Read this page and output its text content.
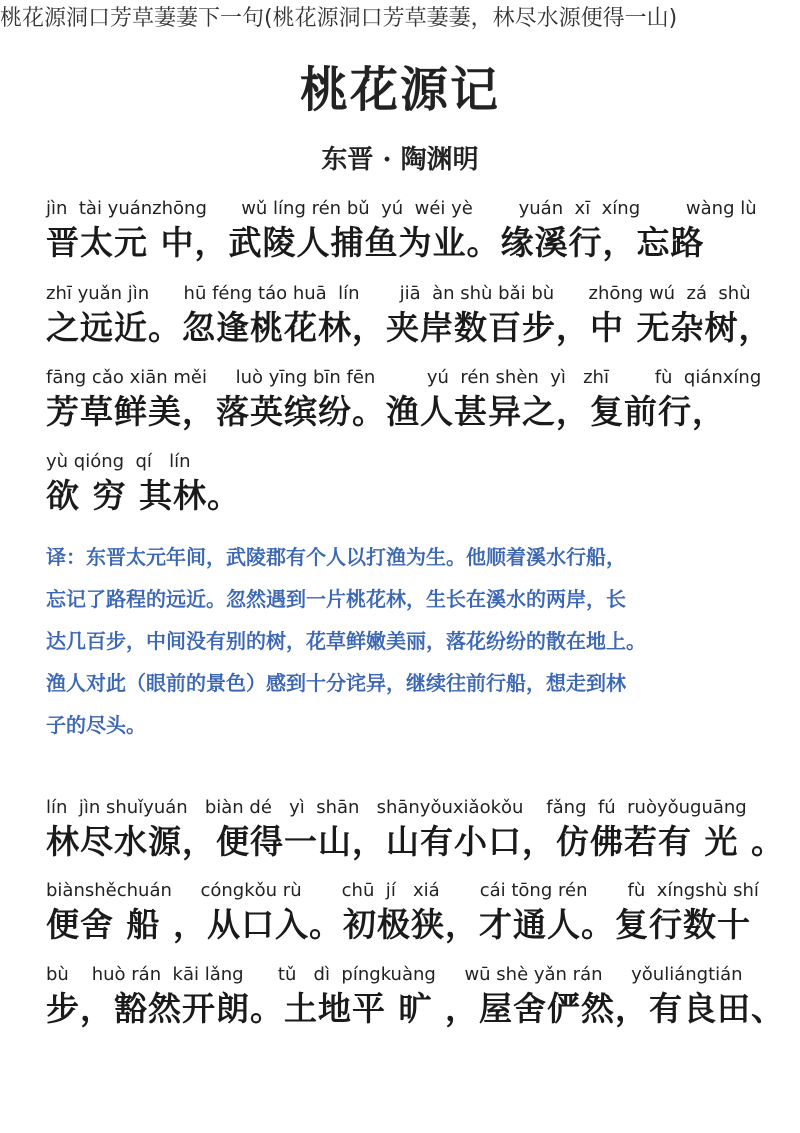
桃花源洞口芳草萋萋下一句(桃花源洞口芳草萋萋，林尽水源便得一山)
桃花源记
东晋 · 陶渊明
jìn  tài yuánzhōng      wǔ líng rén bǔ  yú  wéi yè        yuán  xī  xíng        wàng lù
晋太元 中，武陵人捕鱼为业。缘溪行，忘路
zhī yuǎn jìn      hū féng táo huā  lín       jiā  àn shù bǎi bù      zhōng wú  zá  shù
之远近。忽逢桃花林，夹岸数百步，中 无杂树，
fāng cǎo xiān měi     luò yīng bīn fēn         yú  rén shèn  yì   zhī        fù  qiánxíng
芳草鲜美，落英缤纷。渔人甚异之，复前行，
yù qióng  qí   lín
欲 穷 其林。
译：东晋太元年间，武陵郡有个人以打渔为生。他顺着溪水行船，
忘记了路程的远近。忽然遇到一片桃花林，生长在溪水的两岸，长
达几百步，中间没有别的树，花草鲜嫩美丽，落花纷纷的散在地上。
渔人对此（眼前的景色）感到十分诧异，继续往前行船，想走到林
子的尽头。
lín  jìn shuǐyuán   biàn dé   yì  shān   shānyǒuxiǎokǒu    fǎng  fú  ruòyǒuguāng
林尽水源，便得一山，山有小口，仿佛若有 光 。
biànshěchuán     cóngkǒu rù       chū  jí   xiá       cái tōng rén       fù  xíngshù shí
便舍 船 ，从口入。初极狭，才通人。复行数十
bù    huò rán  kāi lǎng      tǔ   dì  píngkuàng     wū shè yǎn rán     yǒuliángtián
步，豁然开朗。土地平 旷 ，屋舍俨然，有良田、
